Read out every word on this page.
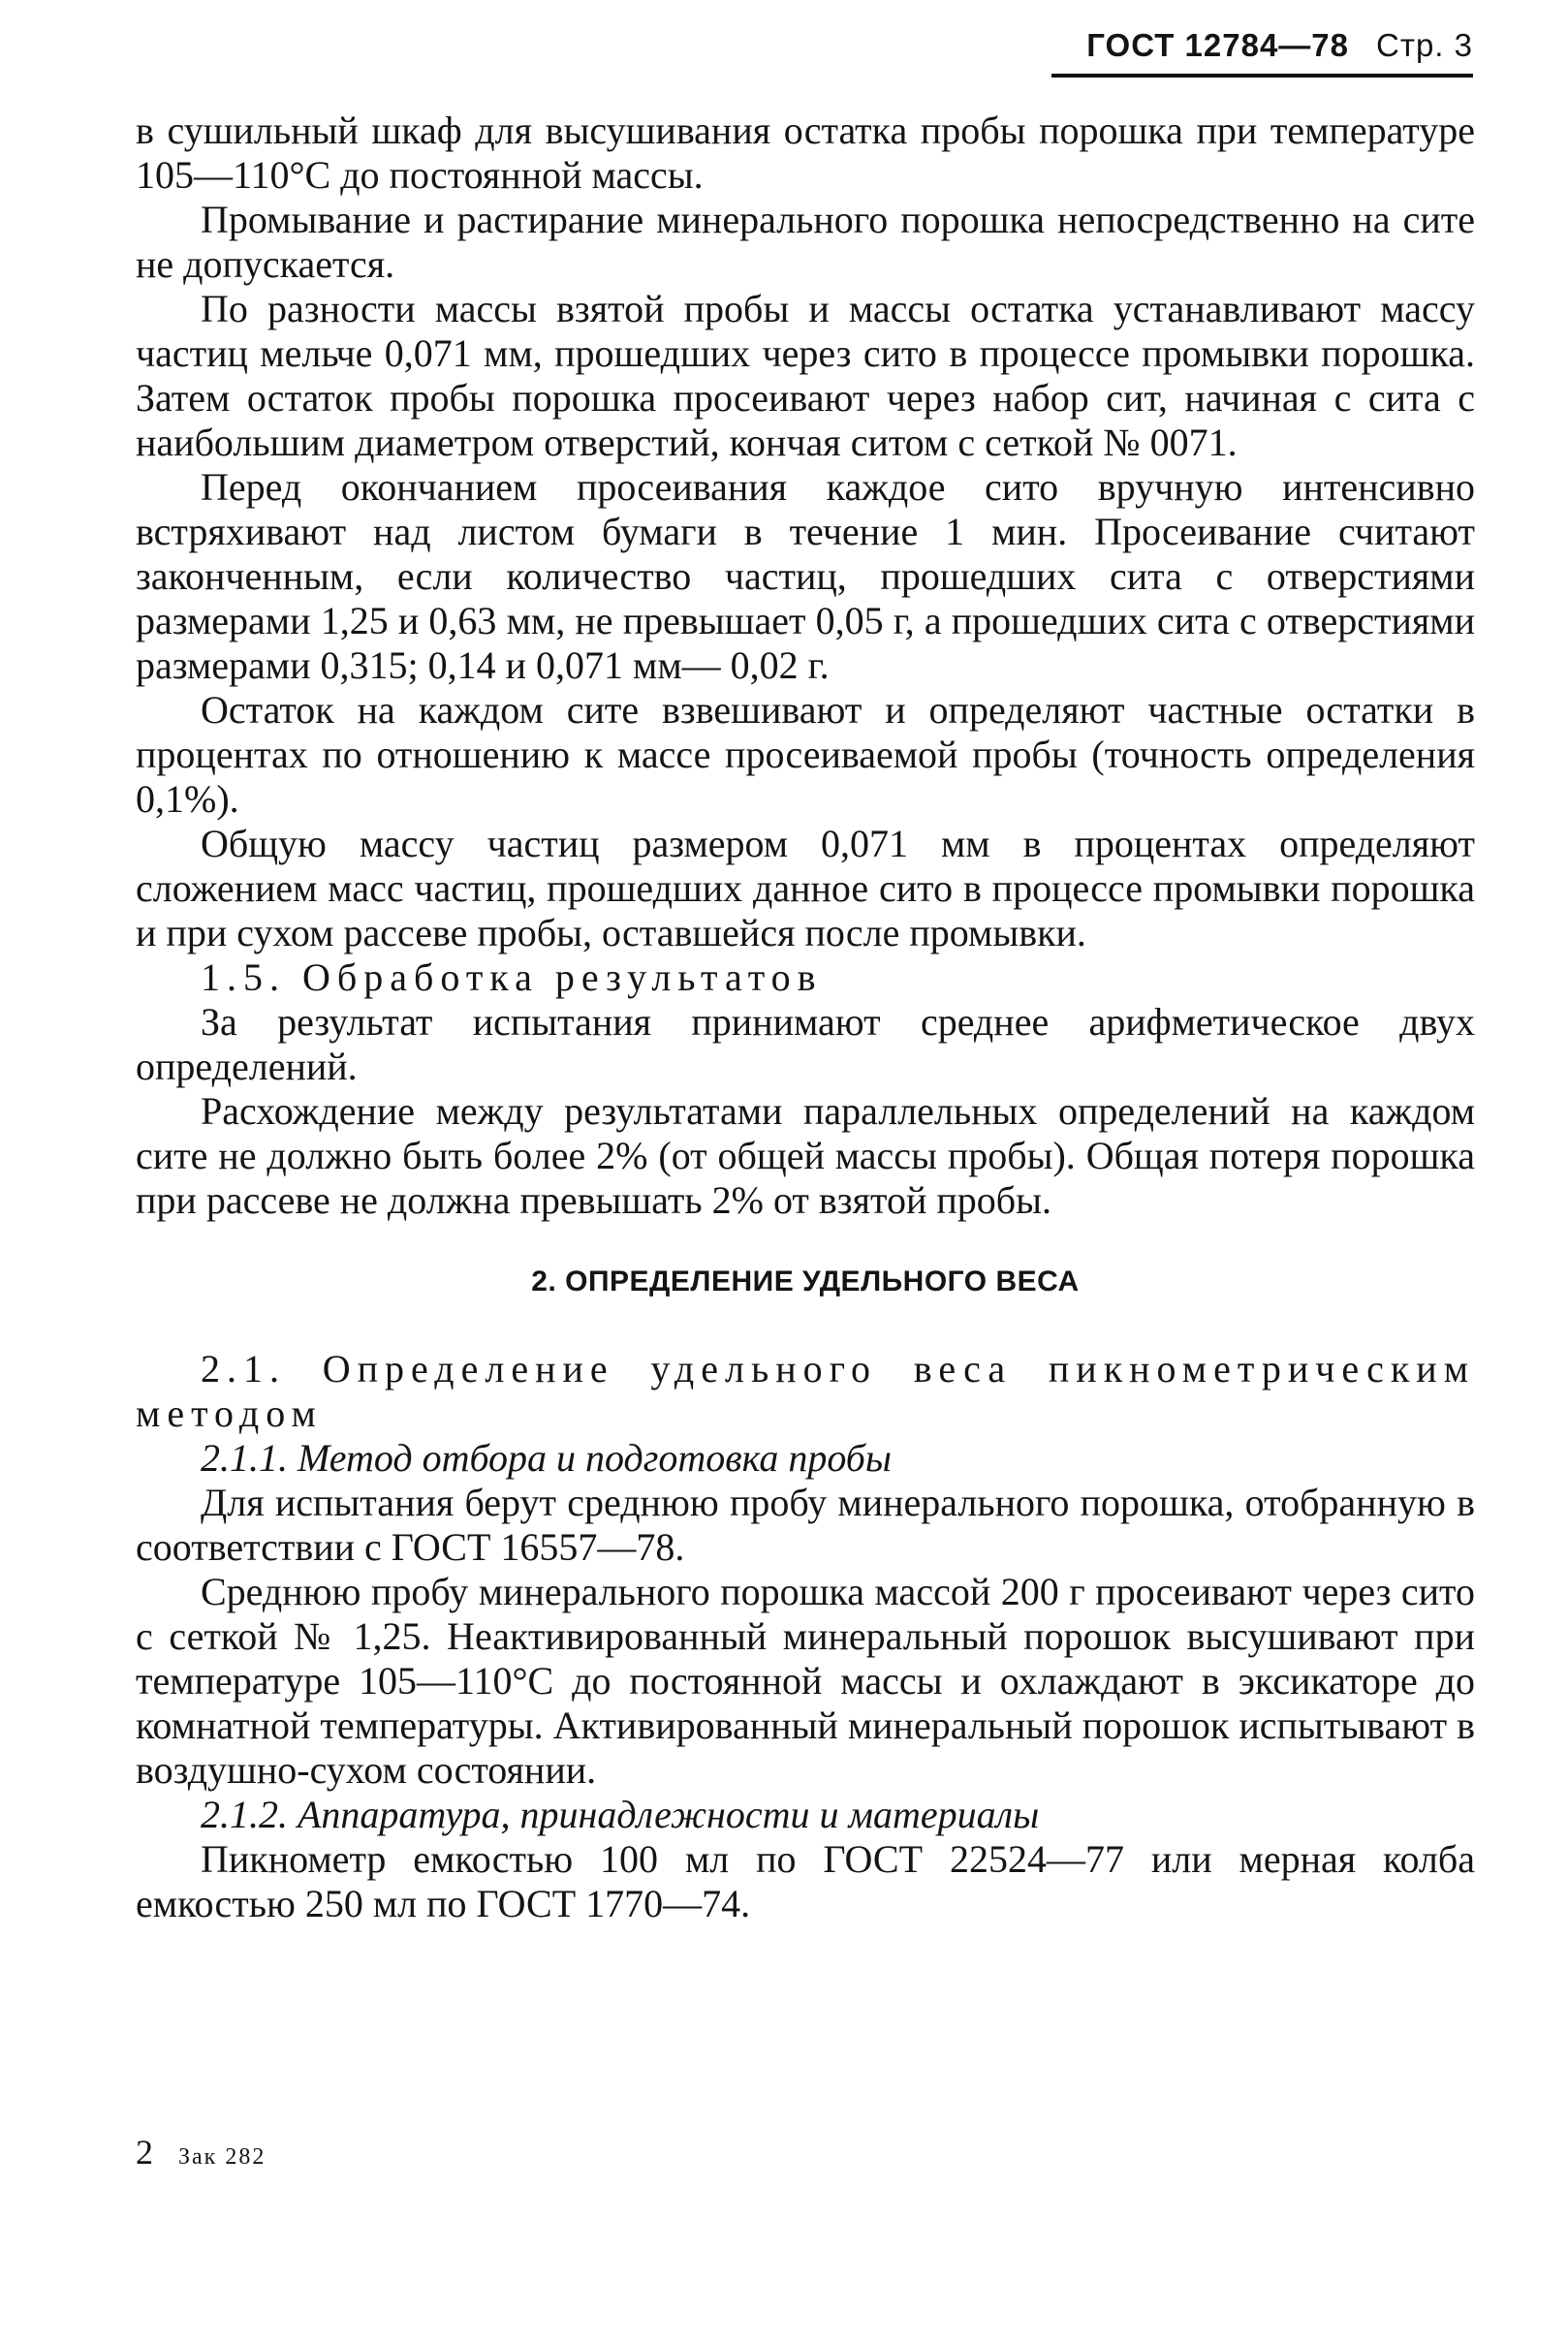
ГОСТ 12784—78 Стр. 3

в сушильный шкаф для высушивания остатка пробы порошка при температуре 105—110°С до постоянной массы.

Промывание и растирание минерального порошка непосредственно на сите не допускается.

По разности массы взятой пробы и массы остатка устанавливают массу частиц мельче 0,071 мм, прошедших через сито в процессе промывки порошка. Затем остаток пробы порошка просеивают через набор сит, начиная с сита с наибольшим диаметром отверстий, кончая ситом с сеткой № 0071.

Перед окончанием просеивания каждое сито вручную интенсивно встряхивают над листом бумаги в течение 1 мин. Просеивание считают законченным, если количество частиц, прошедших сита с отверстиями размерами 1,25 и 0,63 мм, не превышает 0,05 г, а прошедших сита с отверстиями размерами 0,315; 0,14 и 0,071 мм— 0,02 г.

Остаток на каждом сите взвешивают и определяют частные остатки в процентах по отношению к массе просеиваемой пробы (точность определения 0,1%).

Общую массу частиц размером 0,071 мм в процентах определяют сложением масс частиц, прошедших данное сито в процессе промывки порошка и при сухом рассеве пробы, оставшейся после промывки.

1.5. Обработка результатов

За результат испытания принимают среднее арифметическое двух определений.

Расхождение между результатами параллельных определений на каждом сите не должно быть более 2% (от общей массы пробы). Общая потеря порошка при рассеве не должна превышать 2% от взятой пробы.

2. ОПРЕДЕЛЕНИЕ УДЕЛЬНОГО ВЕСА

2.1. Определение удельного веса пикнометрическим методом

2.1.1. Метод отбора и подготовка пробы

Для испытания берут среднюю пробу минерального порошка, отобранную в соответствии с ГОСТ 16557—78.

Среднюю пробу минерального порошка массой 200 г просеивают через сито с сеткой № 1,25. Неактивированный минеральный порошок высушивают при температуре 105—110°С до постоянной массы и охлаждают в эксикаторе до комнатной температуры. Активированный минеральный порошок испытывают в воздушно-сухом состоянии.

2.1.2. Аппаратура, принадлежности и материалы

Пикнометр емкостью 100 мл по ГОСТ 22524—77 или мерная колба емкостью 250 мл по ГОСТ 1770—74.

2 Зак 282
